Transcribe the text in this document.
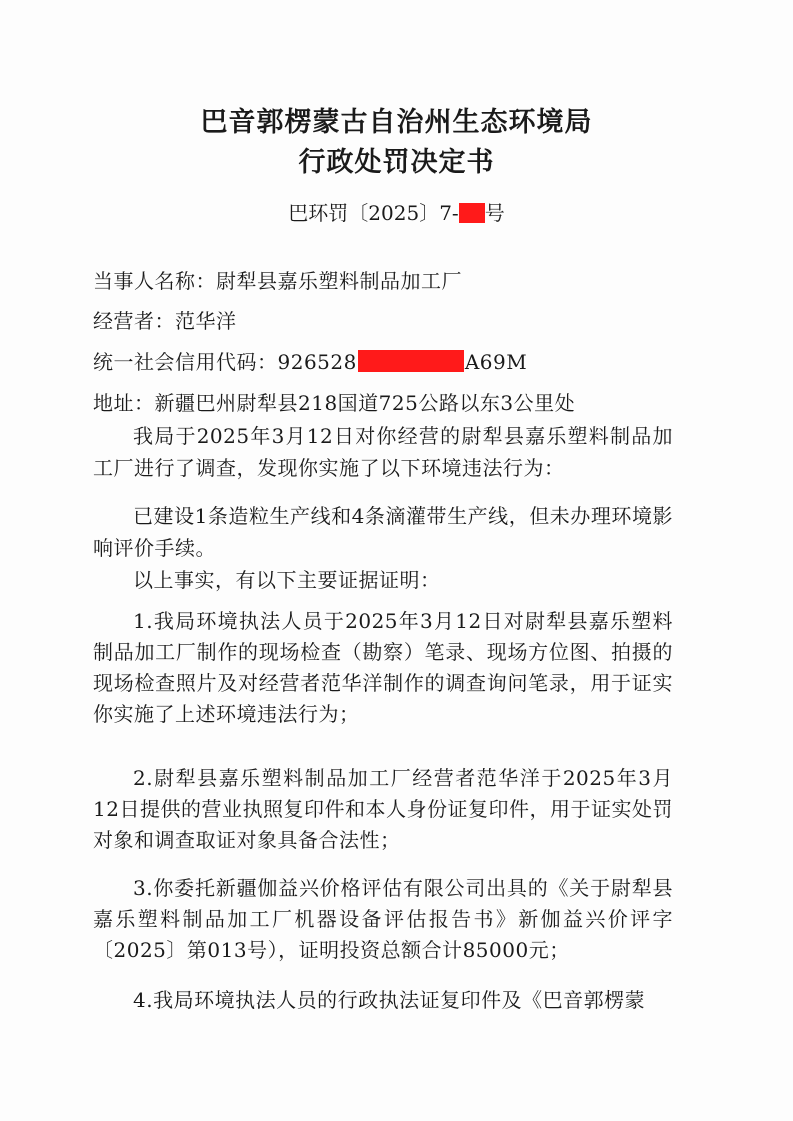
巴音郭楞蒙古自治州生态环境局
行政处罚决定书
巴环罚〔2025〕7- 号
当事人名称：尉犁县嘉乐塑料制品加工厂
经营者：范华洋
统一社会信用代码：926528	A69M
地址：新疆巴州尉犁县218国道725公路以东3公里处
我局于2025年3月12日对你经营的尉犁县嘉乐塑料制品加工厂进行了调查，发现你实施了以下环境违法行为：
已建设1条造粒生产线和4条滴灌带生产线，但未办理环境影响评价手续。
以上事实，有以下主要证据证明：
1.我局环境执法人员于2025年3月12日对尉犁县嘉乐塑料制品加工厂制作的现场检查（勘察）笔录、现场方位图、拍摄的现场检查照片及对经营者范华洋制作的调查询问笔录，用于证实你实施了上述环境违法行为；
2.尉犁县嘉乐塑料制品加工厂经营者范华洋于2025年3月12日提供的营业执照复印件和本人身份证复印件，用于证实处罚对象和调查取证对象具备合法性；
3.你委托新疆伽益兴价格评估有限公司出具的《关于尉犁县嘉乐塑料制品加工厂机器设备评估报告书》新伽益兴价评字〔2025〕第013号），证明投资总额合计85000元；
4.我局环境执法人员的行政执法证复印件及《巴音郭楞蒙
